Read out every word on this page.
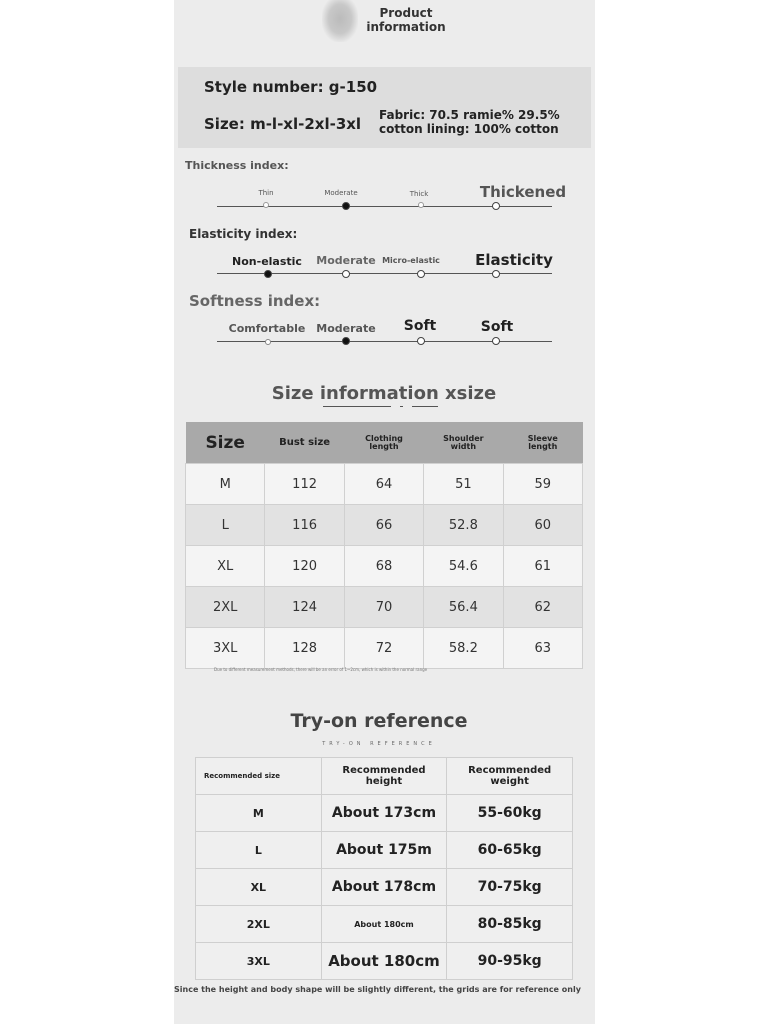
Product information
Style number: g-150
Size: m-l-xl-2xl-3xl Fabric: 70.5 ramie% 29.5%
cotton lining: 100% cotton
Thickness index:
Thin	Moderate	Thick	Thickened
Elasticity index:
Non-elastic Moderate Micro-elastic Elasticity
Softness index:
Comfortable Moderate Soft	Soft
Size information xsize
Size	Bust size	Clothing length	Shoulder width	Sleeve length
M	112	64	51	59
L	116	66	52.8	60
XL	120	68	54.6	61
2XL	124	70	56.4	62
3XL	128	72	58.2	63
Due to different measurement methods, there will be an error of 1~2cm, which is within the normal range
Try-on reference
TRY-ON REFERENCE
Recommended size	Recommended height	Recommended weight
M	About 173cm	55-60kg
L	About 175m	60-65kg
XL	About 178cm	70-75kg
2XL	About 180cm	80-85kg
3XL	About 180cm	90-95kg
Since the height and body shape will be slightly different, the grids are for reference only
